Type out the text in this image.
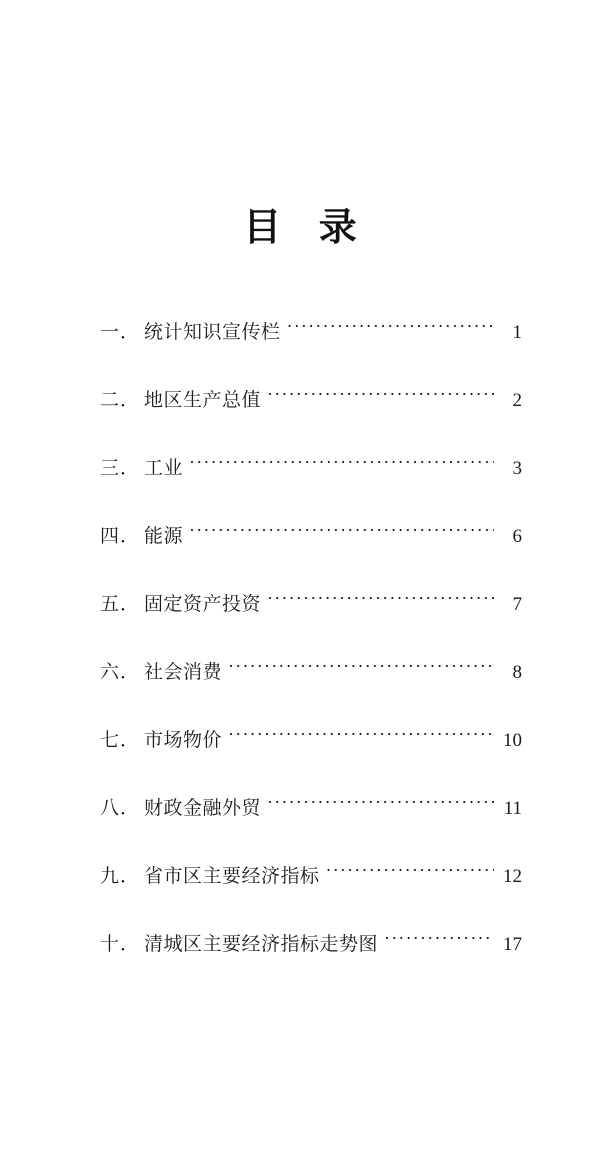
目 录
一． 统计知识宣传栏 ·····	1
二． 地区生产总值 ·····	2
三． 工业 ·····	3
四． 能源 ·····	6
五． 固定资产投资 ·····	7
六． 社会消费 ·····	8
七． 市场物价 ·····	10
八． 财政金融外贸 ·····	11
九． 省市区主要经济指标 ·····	12
十． 清城区主要经济指标走势图 ·····	17
